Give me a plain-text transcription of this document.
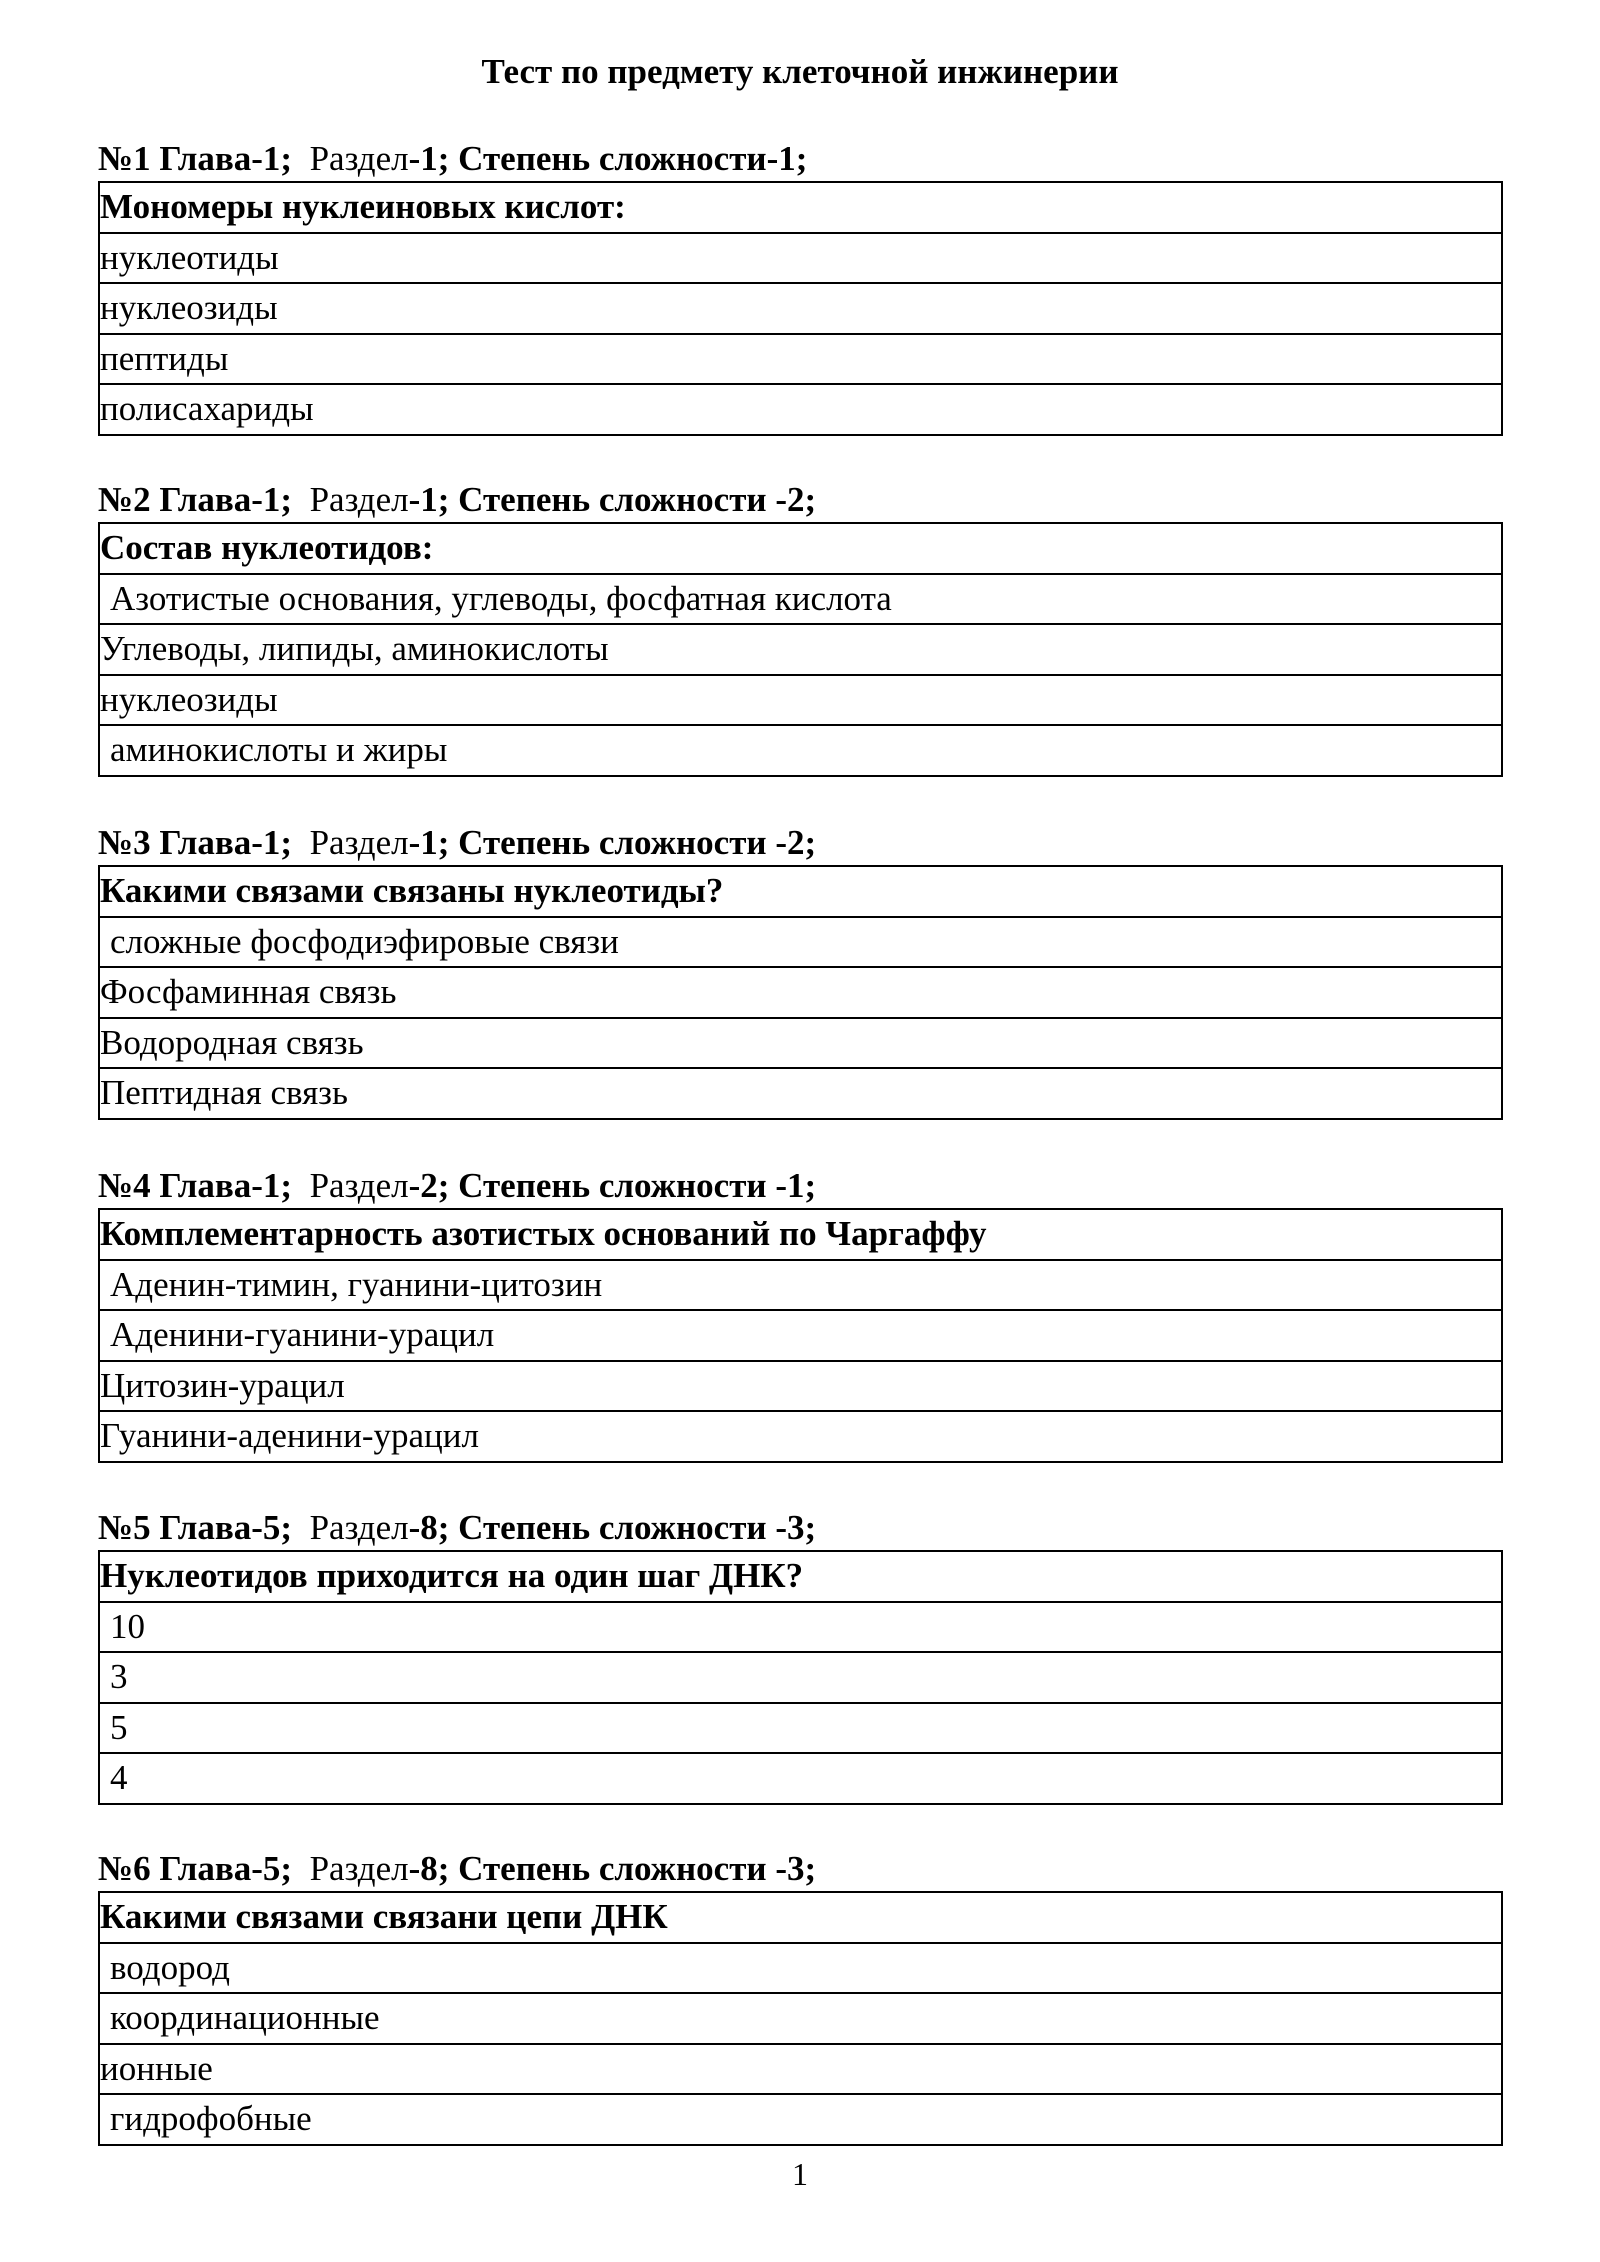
Тест по предмету клеточной инжинерии
№1 Глава-1; Раздел-1; Степень сложности-1;
Мономеры нуклеиновых кислот:
нуклеотиды
нуклеозиды
пептиды
полисахариды
№2 Глава-1; Раздел-1; Степень сложности -2;
Состав нуклеотидов:
Азотистые основания, углеводы, фосфатная кислота
Углеводы, липиды, аминокислоты
нуклеозиды
аминокислоты и жиры
№3 Глава-1; Раздел-1; Степень сложности -2;
Какими связами связаны нуклеотиды?
сложные фосфодиэфировые связи
Фосфаминная связь
Водородная связь
Пептидная связь
№4 Глава-1; Раздел-2; Степень сложности -1;
Комплементарность азотистых оснований по Чаргаффу
Аденин-тимин, гуанини-цитозин
Аденини-гуанини-урацил
Цитозин-урацил
Гуанини-аденини-урацил
№5 Глава-5; Раздел-8; Степень сложности -3;
Нуклеотидов приходится на один шаг ДНК?
10
3
5
4
№6 Глава-5; Раздел-8; Степень сложности -3;
Какими связами связани цепи ДНК
водород
координационные
ионные
гидрофобные
1
